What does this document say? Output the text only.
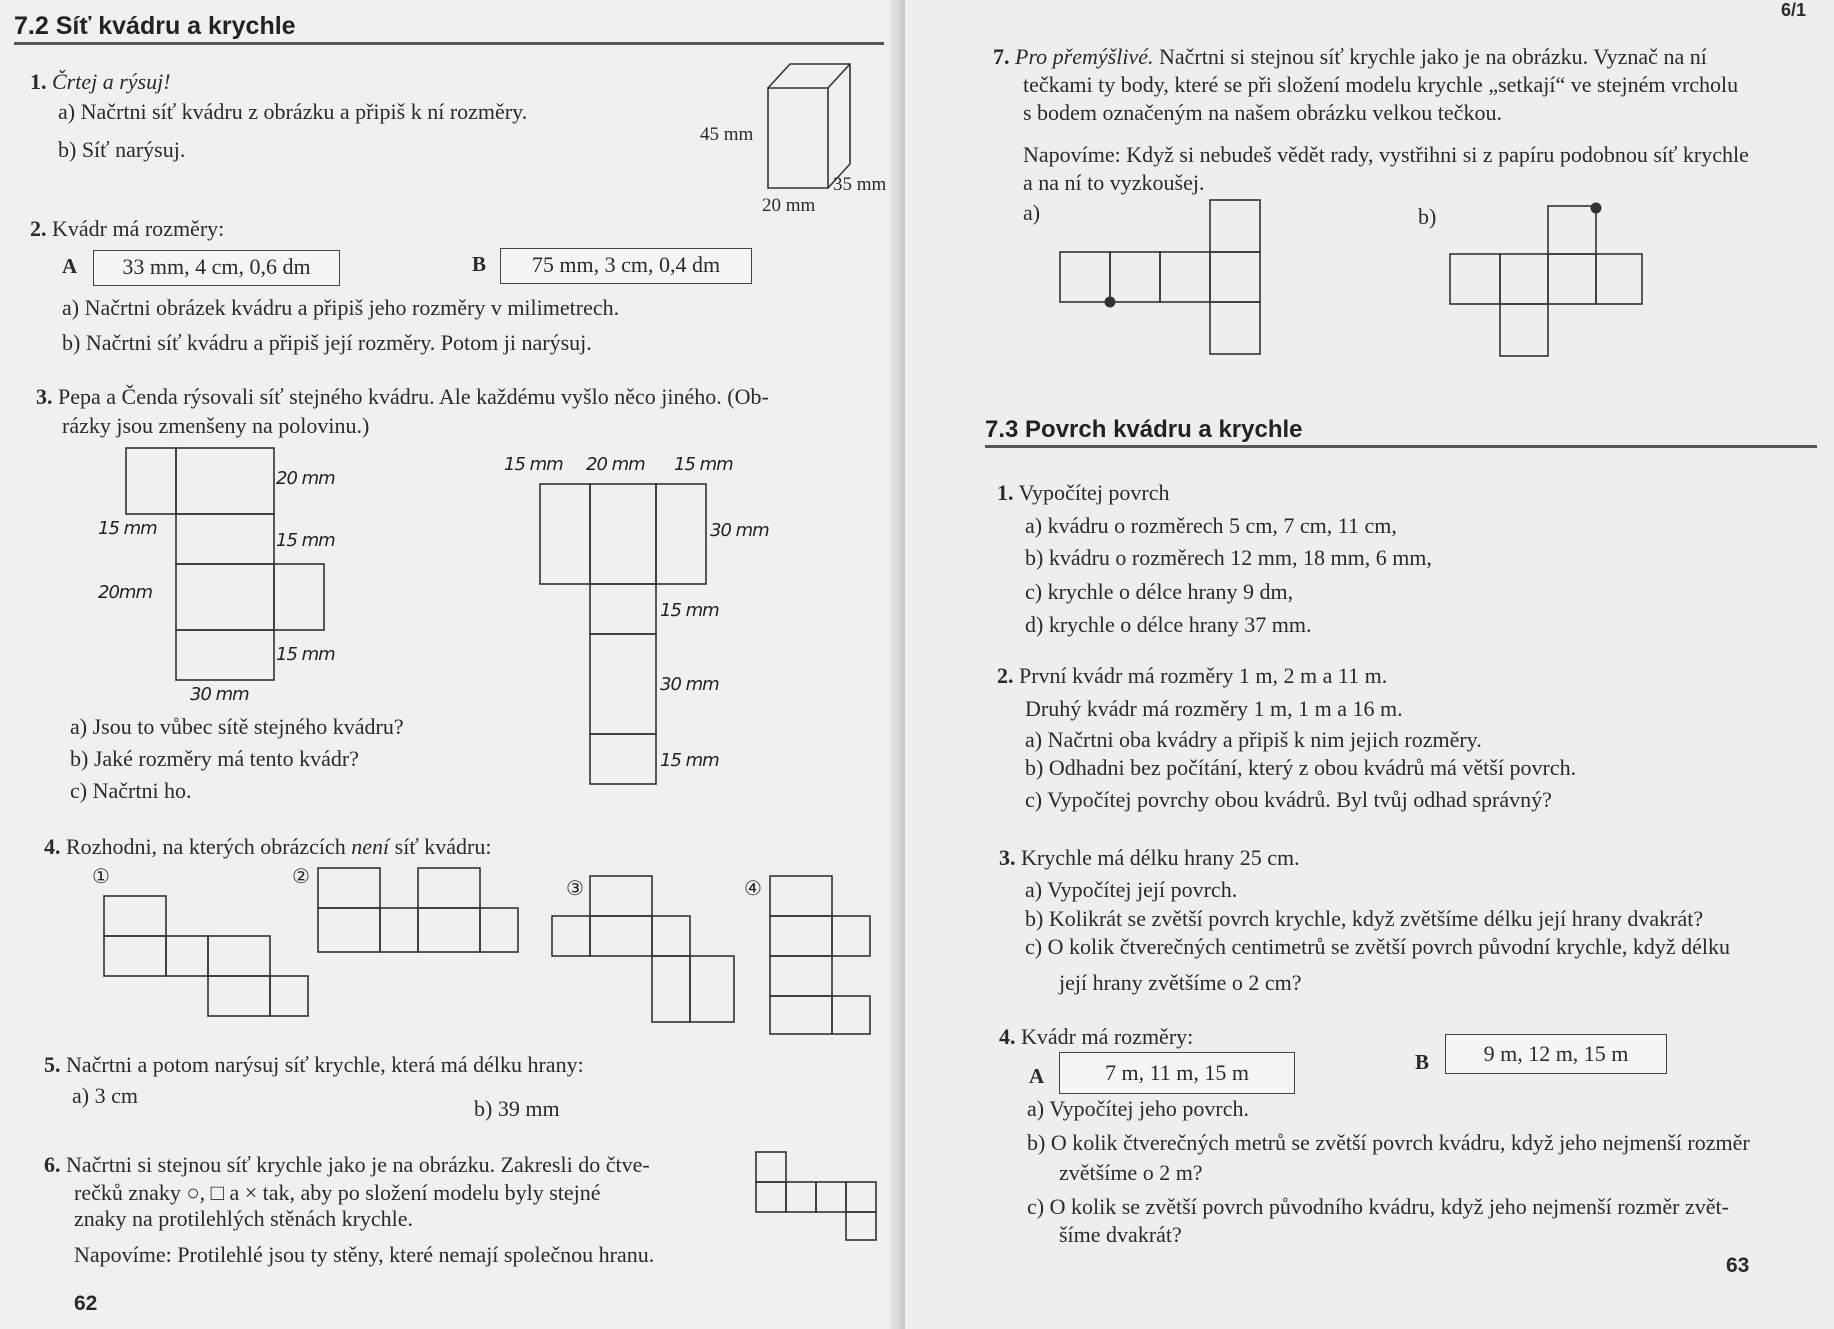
7.2 Síť kvádru a krychle
1. Črtej a rýsuj!
a) Načrtni síť kvádru z obrázku a připiš k ní rozměry.
b) Síť narýsuj.
45 mm
35 mm
20 mm
2. Kvádr má rozměry:
A	33 mm, 4 cm, 0,6 dm	B	75 mm, 3 cm, 0,4 dm
a) Načrtni obrázek kvádru a připiš jeho rozměry v milimetrech.
b) Načrtni síť kvádru a připiš její rozměry. Potom ji narýsuj.
3. Pepa a Čenda rýsovali síť stejného kvádru. Ale každému vyšlo něco jiného. (Ob-
rázky jsou zmenšeny na polovinu.)
20 mm
15 mm
15 mm
20mm
15 mm
30 mm
15 mm 20 mm 15 mm
30 mm
15 mm
30 mm
15 mm
a) Jsou to vůbec sítě stejného kvádru?
b) Jaké rozměry má tento kvádr?
c) Načrtni ho.
4. Rozhodni, na kterých obrázcích není síť kvádru:
①	②
③	④
5. Načrtni a potom narýsuj síť krychle, která má délku hrany:
a) 3 cm
b) 39 mm
6. Načrtni si stejnou síť krychle jako je na obrázku. Zakresli do čtve-
rečků znaky ○, □ a × tak, aby po složení modelu byly stejné
znaky na protilehlých stěnách krychle.
Napovíme: Protilehlé jsou ty stěny, které nemají společnou hranu.
62
6/1
7. Pro přemýšlivé. Načrtni si stejnou síť krychle jako je na obrázku. Vyznač na ní
tečkami ty body, které se při složení modelu krychle „setkají“ ve stejném vrcholu
s bodem označeným na našem obrázku velkou tečkou.
Napovíme: Když si nebudeš vědět rady, vystřihni si z papíru podobnou síť krychle
a na ní to vyzkoušej.
a)	b)
7.3 Povrch kvádru a krychle
1. Vypočítej povrch
a) kvádru o rozměrech 5 cm, 7 cm, 11 cm,
b) kvádru o rozměrech 12 mm, 18 mm, 6 mm,
c) krychle o délce hrany 9 dm,
d) krychle o délce hrany 37 mm.
2. První kvádr má rozměry 1 m, 2 m a 11 m.
Druhý kvádr má rozměry 1 m, 1 m a 16 m.
a) Načrtni oba kvádry a připiš k nim jejich rozměry.
b) Odhadni bez počítání, který z obou kvádrů má větší povrch.
c) Vypočítej povrchy obou kvádrů. Byl tvůj odhad správný?
3. Krychle má délku hrany 25 cm.
a) Vypočítej její povrch.
b) Kolikrát se zvětší povrch krychle, když zvětšíme délku její hrany dvakrát?
c) O kolik čtverečných centimetrů se zvětší povrch původní krychle, když délku
její hrany zvětšíme o 2 cm?
4. Kvádr má rozměry:
A	7 m, 11 m, 15 m	B	9 m, 12 m, 15 m
a) Vypočítej jeho povrch.
b) O kolik čtverečných metrů se zvětší povrch kvádru, když jeho nejmenší rozměr
zvětšíme o 2 m?
c) O kolik se zvětší povrch původního kvádru, když jeho nejmenší rozměr zvět-
šíme dvakrát?
63
